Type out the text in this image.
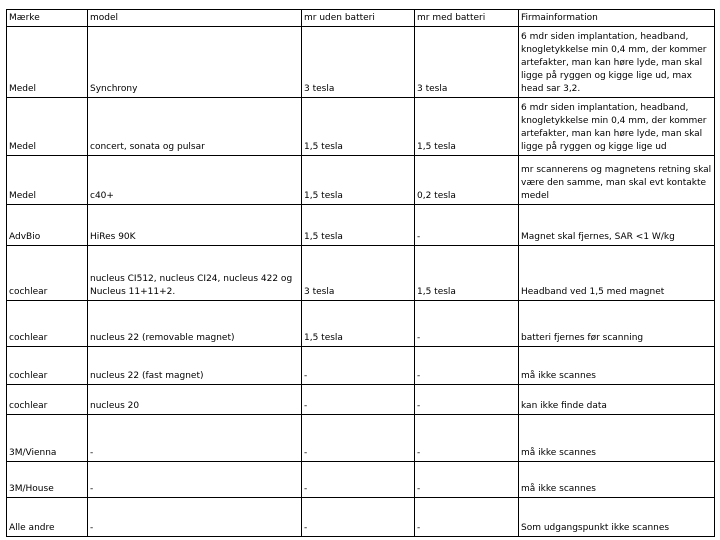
Mærke	model	mr uden batteri	mr med batteri	Firmainformation
Medel	Synchrony	3 tesla	3 tesla	6 mdr siden implantation, headband, knogletykkelse min 0,4 mm, der kommer artefakter, man kan høre lyde, man skal ligge på ryggen og kigge lige ud, max head sar 3,2.
Medel	concert, sonata og pulsar	1,5 tesla	1,5 tesla	6 mdr siden implantation, headband, knogletykkelse min 0,4 mm, der kommer artefakter, man kan høre lyde, man skal ligge på ryggen og kigge lige ud
Medel	c40+	1,5 tesla	0,2 tesla	mr scannerens og magnetens retning skal være den samme, man skal evt kontakte medel
AdvBio	HiRes 90K	1,5 tesla	-	Magnet skal fjernes, SAR <1 W/kg
cochlear	nucleus CI512, nucleus CI24, nucleus 422 og Nucleus 11+11+2.	3 tesla	1,5 tesla	Headband ved 1,5 med magnet
cochlear	nucleus 22 (removable magnet)	1,5 tesla	-	batteri fjernes før scanning
cochlear	nucleus 22 (fast magnet)	-	-	må ikke scannes
cochlear	nucleus 20	-	-	kan ikke finde data
3M/Vienna	-	-	-	må ikke scannes
3M/House	-	-	-	må ikke scannes
Alle andre	-	-	-	Som udgangspunkt ikke scannes
